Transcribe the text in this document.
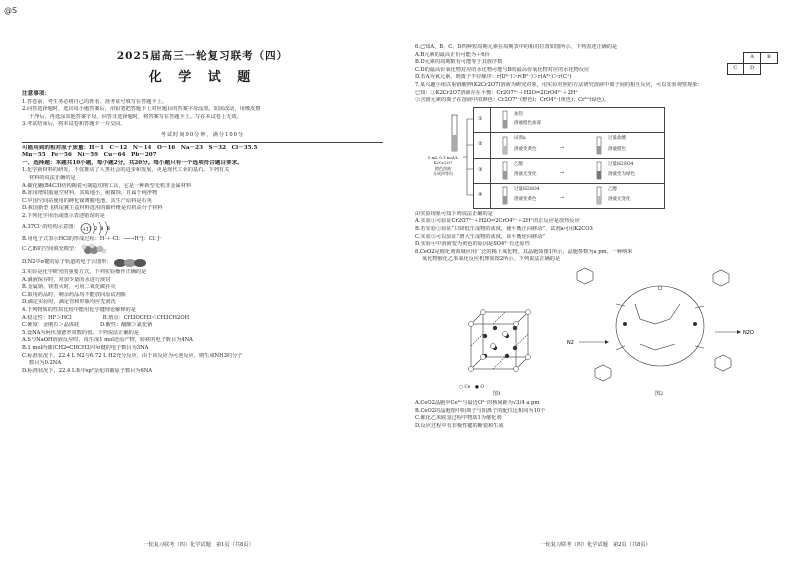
@S
2025届高三一轮复习联考（四）
化 学 试 题
注意事项：
1.答卷前，考生务必将自己的姓名、准考证号填写在答题卡上。
2.回答选择题时，选出每小题答案后，用铅笔把答题卡上对应题目的答案字母涂黑。如需改动，用橡皮擦
干净后，再选涂其他答案字母。回答非选择题时，将答案写在答题卡上。写在本试卷上无效。
3.考试结束后，将本试卷和答题卡一并交回。
考试时间90分钟，满分100分
可能用到的相对原子质量：H－1　C－12　N－14　O－16　Na－23　S－32　Cl－35.5
Mn－55　Fe－56　Ni－59　Cu－64　Pb－207
一、选择题：本题共10小题，每小题2分，共20分。每小题只有一个选项符合题目要求。
1.化学新材料的研发，不仅推动了人类社会的进步和发展，更是现代工业的基石。下列有关
材料的说法正确的是
A.碳化硼(B4C3)结构陶瓷可制造切削工具，它是一种新型无机非金属材料
B.冻用增铅脂氨空材料，其质地小，耐腐蚀，且属于纯净物
C.中国空间站使用的砷化镓薄膜电池，其生产原料是石英
D.我国新型飞机尾翼主盒材料选用的碳纤维是有机高分子材料
2.下列化学用语或图示表述错误的是
A.37Cl⁻的结构示意图： +17 2 8 8
B.用电子式表示HCl的形成过程：H·＋·Cl：──→H⁺[：Cl：]⁻
C.乙醇的空间填充模型：
D.N2中σ键的原子轨道的电子云图形：
3.实验是化学研究的重要方式。下列实验操作正确的是
A.滴液保存时，常加少量的水进行液封
B.金属钠、镁着火时，可用二氧化碳扑灭
C.取用药品时，剩余药品均不能放回原试剂瓶
D.滴定实验时，滴定管和形瓶均应先润洗
4.下列物质的性质比较中能用化学键理论解释的是
A.稳定性：HF＞HCl　　　　　　B.熔点：CH3OCH3＜CH3CH2OH
C.硬度：金刚石＞晶体硅　　　　D.酸性：醋酸＞氯化钠
5.设NA为阿伏加德罗常数的值。下列说法正确的是
A.S与NaOH溶液反应时，每生成1 mol还原产物，转移的电子数目为4NA
B.1 mol丙烯(CH2═CHCH3)中σ键的电子数目为3NA
C.标准状况下，22.4 L N2与6.72 L H2充分反应，由于该反应为可逆反应，则生成NH3的分子
数目为0.2NA
D.标准状况下，22.4 L苯中sp²杂化的碳原子数目为6NA
一轮复习联考（四）化学试题　第1页（共8页）
6.已知A、B、C、D四种短周期元素在周期表中的相对位置如图所示，下列表述正确的是
	A	B
C	D	
A.B元素的最高正价可能为＋6价
B.D元素的周期数有可能等于其族序数
C.D的最高价氧化物对应的水化物可能与B的最高价氧化物对应的水化物反应
D.若A为氧元素，则离子半径顺序：r(D³⁻)＞r(B²⁻)＞r(A³⁺)＞r(C⁺)
7.某兴趣小组以重铬酸钾(K2Cr2O7)溶液为研究对象，用实验对照的方法研究溶液中离子间的相互反应，可以实验观察现象：
已知：①K2Cr2O7溶液存在平衡：Cr2O7²⁻＋H2O⇌2CrO4²⁻＋2H⁺
②含铬元素的离子在溶液中的颜色：Cr2O7²⁻(橙色)；CrO4²⁻(黄色)；Cr³⁺(绿色)。
5 mL 0.1 mol/L
K2Cr2O7
橙色溶液
分成四等份
①
加热
溶液橙色加深
②
试剂a
溶液变黄色	→
过量盐酸
溶液橙色
③
乙醇
溶液无变化	→
过量H2SO4
溶液变为绿色
④
过量H2SO4
溶液变黄色	→
乙醇
溶液无变化
由实验现象可知下列说法正确的是
A.实验①可验证Cr2O7²⁻＋H2O⇌2CrO4²⁻＋2H⁺的正反应是放热反应
B.若实验②验证“只降低生成物的浓度，使平衡正向移动”，试剂a可用K2CO3
C.实验③可以验证“增大生成物的浓度，该平衡逆向移动”
D.实验④中溶液变为黄色的原因是SO4²⁻有还原性
8.CeO2是催化剂领域应用广泛的稀土氧化物，其晶胞如图1所示，晶胞参数为a pm。一种纳米
氧化物催化乙苯氧化反应机理如图2所示。下列说法正确的是
○ Ce　● O
图1
N2
N2O
图2
A.CeO2晶胞中Ce⁴⁺与最近O²⁻的核间距为√3/4 a pm
B.CeO2的晶胞图中阴离子与阳离子的配位比相同为10个
C.催化乙苯脱氢过程中物质1为催化剂
D.反应过程中有非极性键的断裂和生成
一轮复习联考（四）化学试题　第2页（共8页）
